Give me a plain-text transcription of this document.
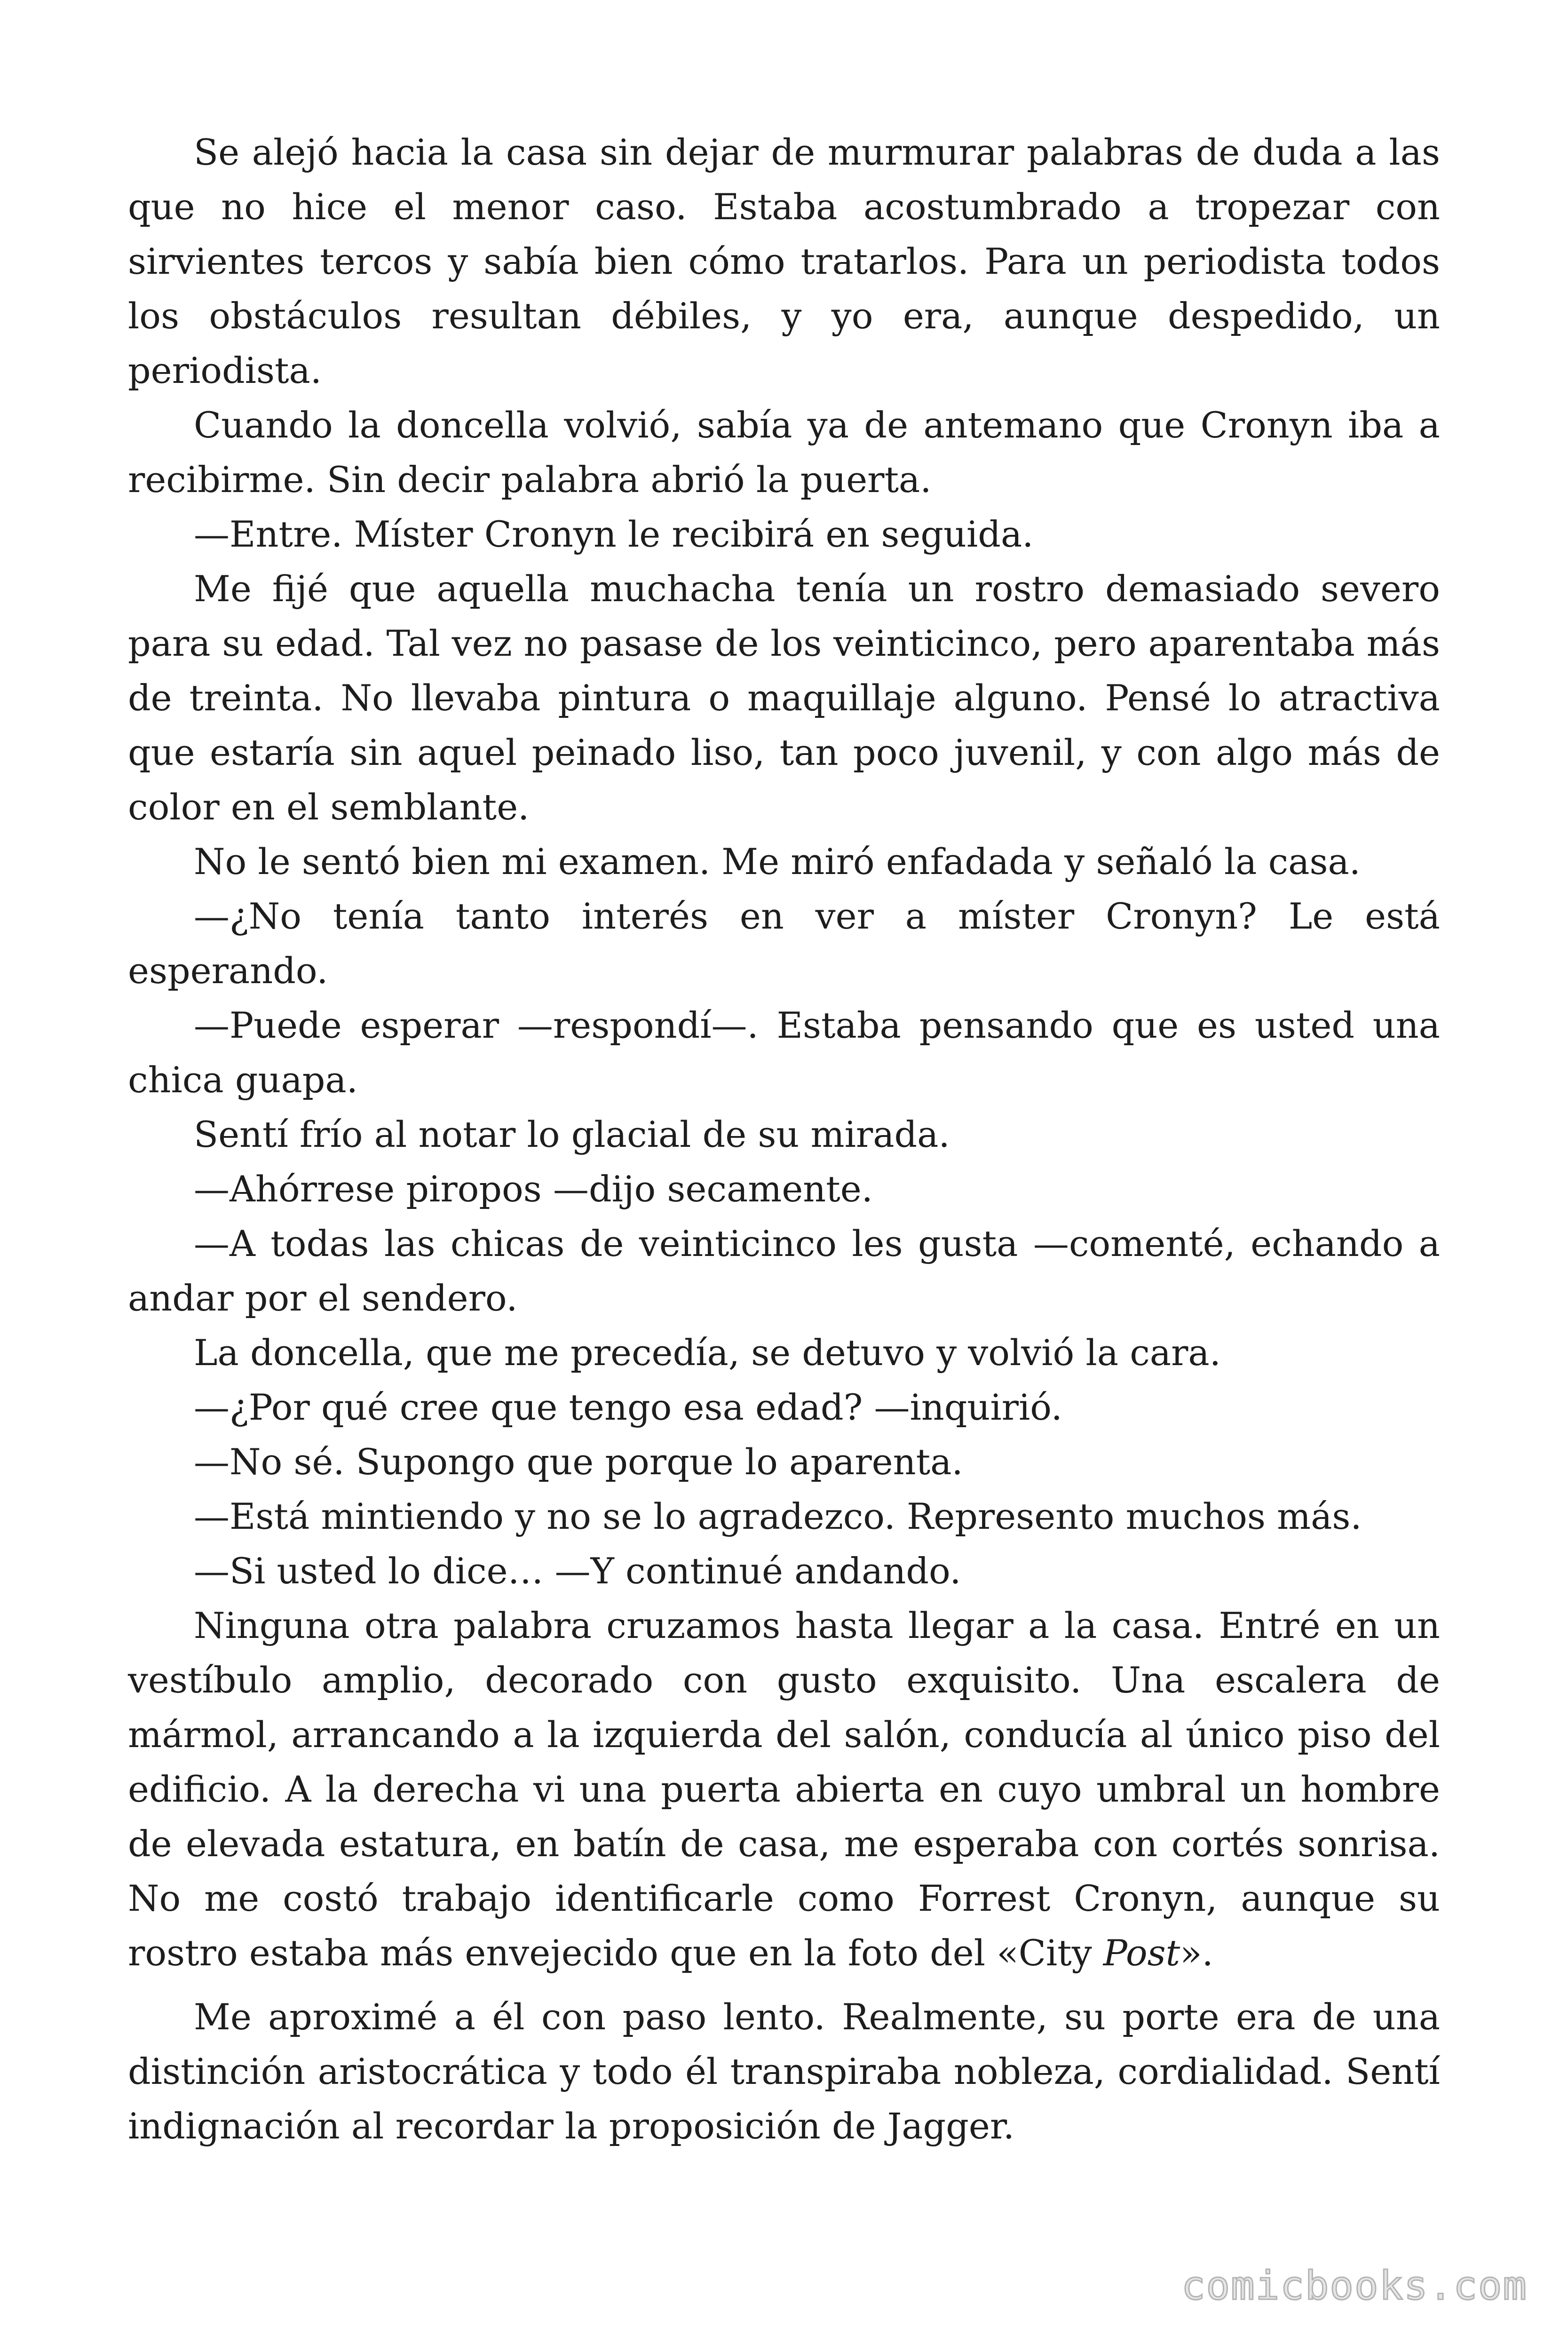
Se alejó hacia la casa sin dejar de murmurar palabras de duda a las que no hice el menor caso. Estaba acostumbrado a tropezar con sirvientes tercos y sabía bien cómo tratarlos. Para un periodista todos los obstáculos resultan débiles, y yo era, aunque despedido, un periodista.

Cuando la doncella volvió, sabía ya de antemano que Cronyn iba a recibirme. Sin decir palabra abrió la puerta.

—Entre. Míster Cronyn le recibirá en seguida.

Me fijé que aquella muchacha tenía un rostro demasiado severo para su edad. Tal vez no pasase de los veinticinco, pero aparentaba más de treinta. No llevaba pintura o maquillaje alguno. Pensé lo atractiva que estaría sin aquel peinado liso, tan poco juvenil, y con algo más de color en el semblante.

No le sentó bien mi examen. Me miró enfadada y señaló la casa.

—¿No tenía tanto interés en ver a míster Cronyn? Le está esperando.

—Puede esperar —respondí—. Estaba pensando que es usted una chica guapa.

Sentí frío al notar lo glacial de su mirada.

—Ahórrese piropos —dijo secamente.

—A todas las chicas de veinticinco les gusta —comenté, echando a andar por el sendero.

La doncella, que me precedía, se detuvo y volvió la cara.

—¿Por qué cree que tengo esa edad? —inquirió.

—No sé. Supongo que porque lo aparenta.

—Está mintiendo y no se lo agradezco. Represento muchos más.

—Si usted lo dice… —Y continué andando.

Ninguna otra palabra cruzamos hasta llegar a la casa. Entré en un vestíbulo amplio, decorado con gusto exquisito. Una escalera de mármol, arrancando a la izquierda del salón, conducía al único piso del edificio. A la derecha vi una puerta abierta en cuyo umbral un hombre de elevada estatura, en batín de casa, me esperaba con cortés sonrisa. No me costó trabajo identificarle como Forrest Cronyn, aunque su rostro estaba más envejecido que en la foto del «City Post».

Me aproximé a él con paso lento. Realmente, su porte era de una distinción aristocrática y todo él transpiraba nobleza, cordialidad. Sentí indignación al recordar la proposición de Jagger.

comicbooks.com
